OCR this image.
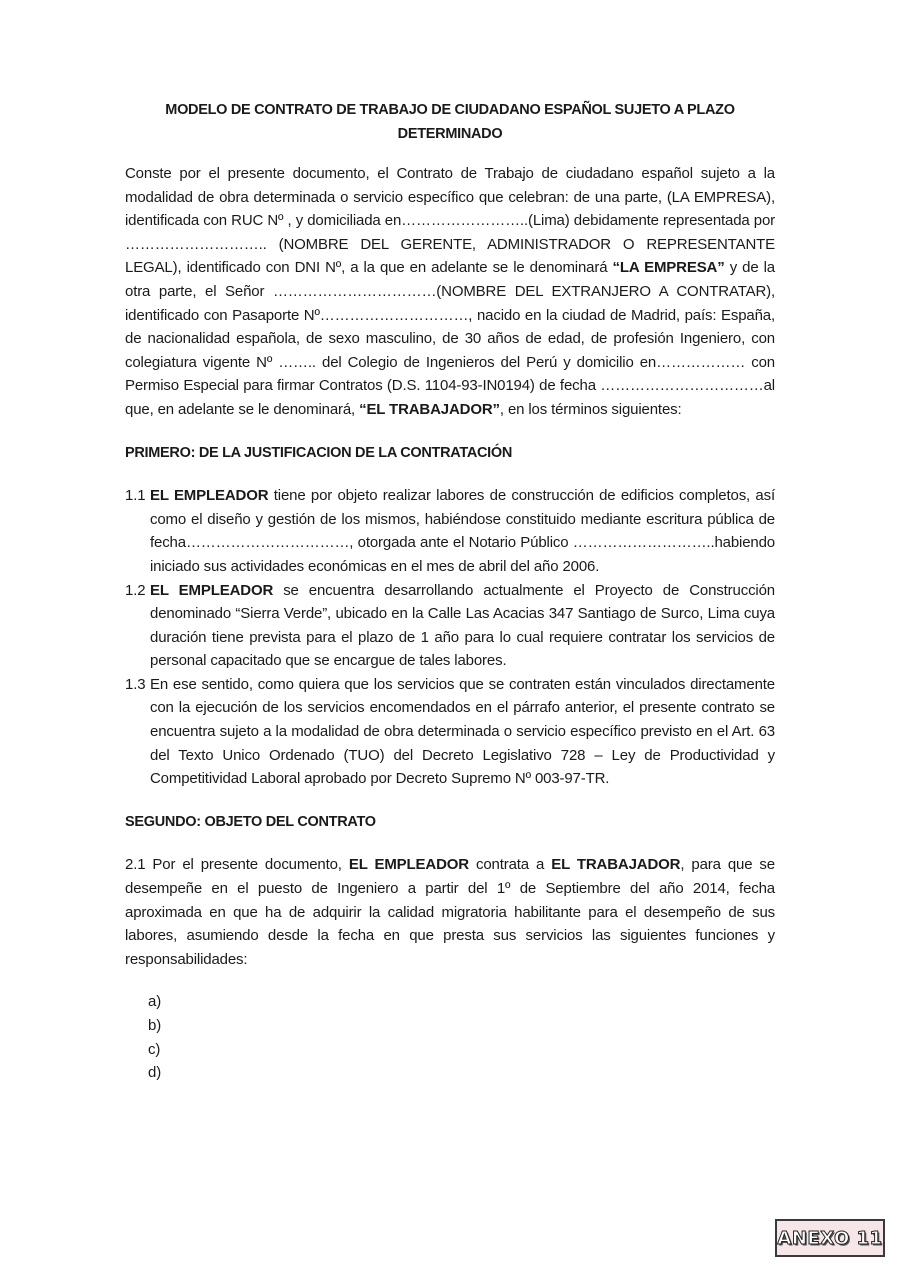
MODELO DE CONTRATO DE TRABAJO DE CIUDADANO ESPAÑOL SUJETO A PLAZO
DETERMINADO

Conste por el presente documento, el Contrato de Trabajo de ciudadano español sujeto a la modalidad de obra determinada o servicio específico que celebran: de una parte, (LA EMPRESA), identificada con RUC Nº , y domiciliada en……………………..(Lima) debidamente representada por ……………………….. (NOMBRE DEL GERENTE, ADMINISTRADOR O REPRESENTANTE LEGAL), identificado con DNI Nº, a la que en adelante se le denominará “LA EMPRESA” y de la otra parte, el Señor ……………………………(NOMBRE DEL EXTRANJERO A CONTRATAR), identificado con Pasaporte Nº…………………………, nacido en la ciudad de Madrid, país: España, de nacionalidad española, de sexo masculino, de 30 años de edad, de profesión Ingeniero, con colegiatura vigente Nº …….. del Colegio de Ingenieros del Perú y domicilio en……………… con Permiso Especial para firmar Contratos (D.S. 1104-93-IN0194) de fecha ……………………………al que, en adelante se le denominará, “EL TRABAJADOR”, en los términos siguientes:

PRIMERO: DE LA JUSTIFICACION DE LA CONTRATACIÓN
1.1 EL EMPLEADOR tiene por objeto realizar labores de construcción de edificios completos, así como el diseño y gestión de los mismos, habiéndose constituido mediante escritura pública de fecha……………………………, otorgada ante el Notario Público ………………………..habiendo iniciado sus actividades económicas en el mes de abril del año 2006.
1.2 EL EMPLEADOR se encuentra desarrollando actualmente el Proyecto de Construcción denominado “Sierra Verde”, ubicado en la Calle Las Acacias 347 Santiago de Surco, Lima cuya duración tiene prevista para el plazo de 1 año para lo cual requiere contratar los servicios de personal capacitado que se encargue de tales labores.
1.3 En ese sentido, como quiera que los servicios que se contraten están vinculados directamente con la ejecución de los servicios encomendados en el párrafo anterior, el presente contrato se encuentra sujeto a la modalidad de obra determinada o servicio específico previsto en el Art. 63 del Texto Unico Ordenado (TUO) del Decreto Legislativo 728 – Ley de Productividad y Competitividad Laboral aprobado por Decreto Supremo Nº 003-97-TR.
SEGUNDO: OBJETO DEL CONTRATO

2.1 Por el presente documento, EL EMPLEADOR contrata a EL TRABAJADOR, para que se desempeñe en el puesto de Ingeniero a partir del 1º de Septiembre del año 2014, fecha aproximada en que ha de adquirir la calidad migratoria habilitante para el desempeño de sus labores, asumiendo desde la fecha en que presta sus servicios las siguientes funciones y responsabilidades:

a)
b)
c)
d)
ANEXO 11
